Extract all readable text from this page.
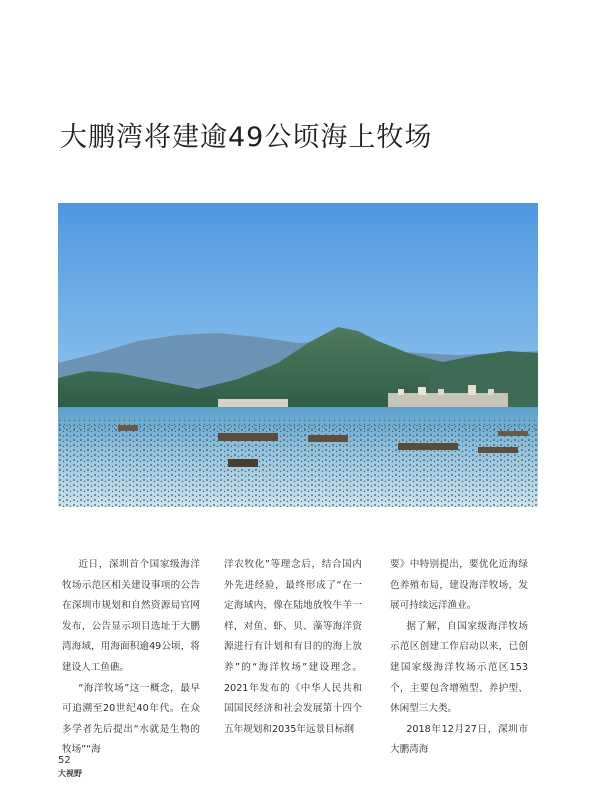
大鹏湾将建逾49公顷海上牧场

近日，深圳首个国家级海洋牧场示范区相关建设事项的公告在深圳市规划和自然资源局官网发布，公告显示项目选址于大鹏湾海域，用海面积逾49公顷，将建设人工鱼礁。

“海洋牧场”这一概念，最早可追溯至20世纪40年代。在众多学者先后提出“水就是生物的牧场”“海

洋农牧化”等理念后，结合国内外先进经验，最终形成了“在一定海域内，像在陆地放牧牛羊一样，对鱼、虾、贝、藻等海洋资源进行有计划和有目的的海上放养”的“海洋牧场”建设理念。2021年发布的《中华人民共和国国民经济和社会发展第十四个五年规划和2035年远景目标纲

要》中特别提出，要优化近海绿色养殖布局，建设海洋牧场，发展可持续远洋渔业。

据了解，自国家级海洋牧场示范区创建工作启动以来，已创建国家级海洋牧场示范区153个，主要包含增殖型、养护型、休闲型三大类。

2018年12月27日，深圳市大鹏湾海

52
大视野
